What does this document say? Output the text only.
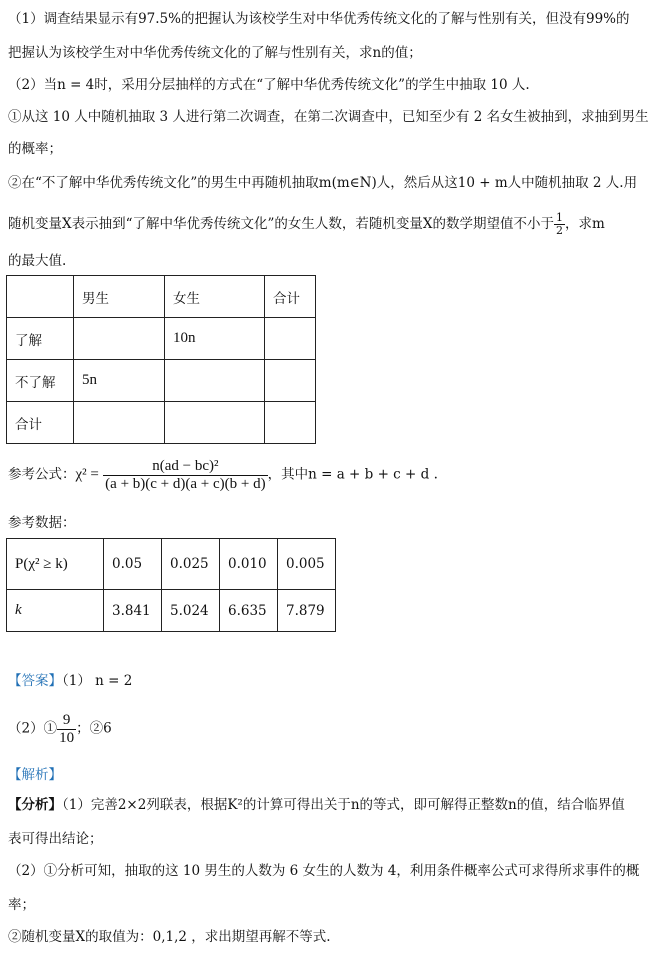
（1）调查结果显示有97.5%的把握认为该校学生对中华优秀传统文化的了解与性别有关，但没有99%的
把握认为该校学生对中华优秀传统文化的了解与性别有关，求n的值；
（2）当n = 4时，采用分层抽样的方式在“了解中华优秀传统文化”的学生中抽取 10 人.
①从这 10 人中随机抽取 3 人进行第二次调查，在第二次调查中，已知至少有 2 名女生被抽到，求抽到男生
的概率；
②在“不了解中华优秀传统文化”的男生中再随机抽取m(m∈N)人，然后从这10 + m人中随机抽取 2 人.用
随机变量X表示抽到“了解中华优秀传统文化”的女生人数，若随机变量X的数学期望值不小于 $\frac{1}{2}$ ，求m
的最大值.
	男生	女生	合计
了解		10n	
不了解	5n		
合计			
参考公式：$\chi^2 = \frac{\text{n(ad − bc)²}}{(a + b)(c + d)(a + c)(b + d)}$ ，其中n = a + b + c + d .
参考数据：
P(χ² ≥ k)	0.05	0.025	0.010	0.005
k	3.841	5.024	6.635	7.879
【答案】（1） n = 2
（2）① $\frac{9}{10}$ ；②6
【解析】
【分析】（1）完善2×2列联表，根据K²的计算可得出关于n的等式，即可解得正整数n的值，结合临界值
表可得出结论；
（2）①分析可知，抽取的这 10 男生的人数为 6 女生的人数为 4，利用条件概率公式可求得所求事件的概
率；
②随机变量X的取值为：0,1,2 ，求出期望再解不等式.
